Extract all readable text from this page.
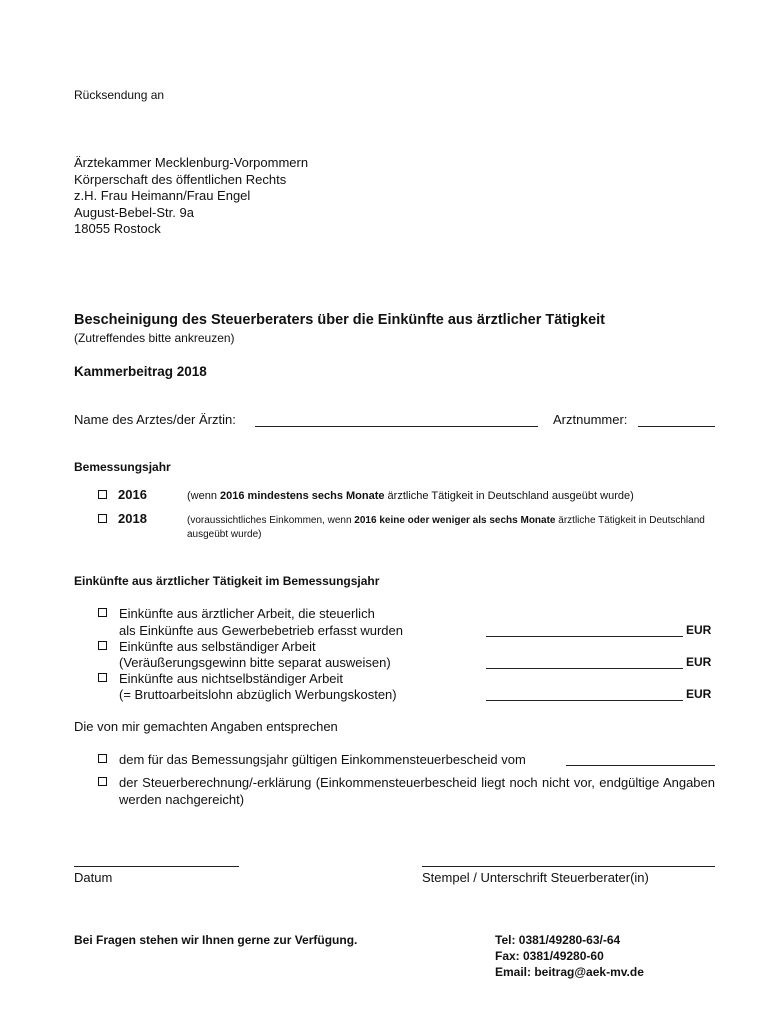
Rücksendung an
Ärztekammer Mecklenburg-Vorpommern
Körperschaft des öffentlichen Rechts
z.H. Frau Heimann/Frau Engel
August-Bebel-Str. 9a
18055 Rostock
Bescheinigung des Steuerberaters über die Einkünfte aus ärztlicher Tätigkeit
(Zutreffendes bitte ankreuzen)
Kammerbeitrag 2018
Name des Arztes/der Ärztin:	Arztnummer:
Bemessungsjahr
2016	(wenn 2016 mindestens sechs Monate ärztliche Tätigkeit in Deutschland ausgeübt wurde)
2018	(voraussichtliches Einkommen, wenn 2016 keine oder weniger als sechs Monate ärztliche Tätigkeit in Deutschland ausgeübt wurde)
Einkünfte aus ärztlicher Tätigkeit im Bemessungsjahr
Einkünfte aus ärztlicher Arbeit, die steuerlich
als Einkünfte aus Gewerbebetrieb erfasst wurden	EUR
Einkünfte aus selbständiger Arbeit
(Veräußerungsgewinn bitte separat ausweisen)	EUR
Einkünfte aus nichtselbständiger Arbeit
(= Bruttoarbeitslohn abzüglich Werbungskosten)	EUR
Die von mir gemachten Angaben entsprechen
dem für das Bemessungsjahr gültigen Einkommensteuerbescheid vom
der Steuerberechnung/-erklärung (Einkommensteuerbescheid liegt noch nicht vor, endgültige Angaben werden nachgereicht)
Datum	Stempel / Unterschrift Steuerberater(in)
Bei Fragen stehen wir Ihnen gerne zur Verfügung.	Tel: 0381/49280-63/-64
Fax: 0381/49280-60
Email: beitrag@aek-mv.de
